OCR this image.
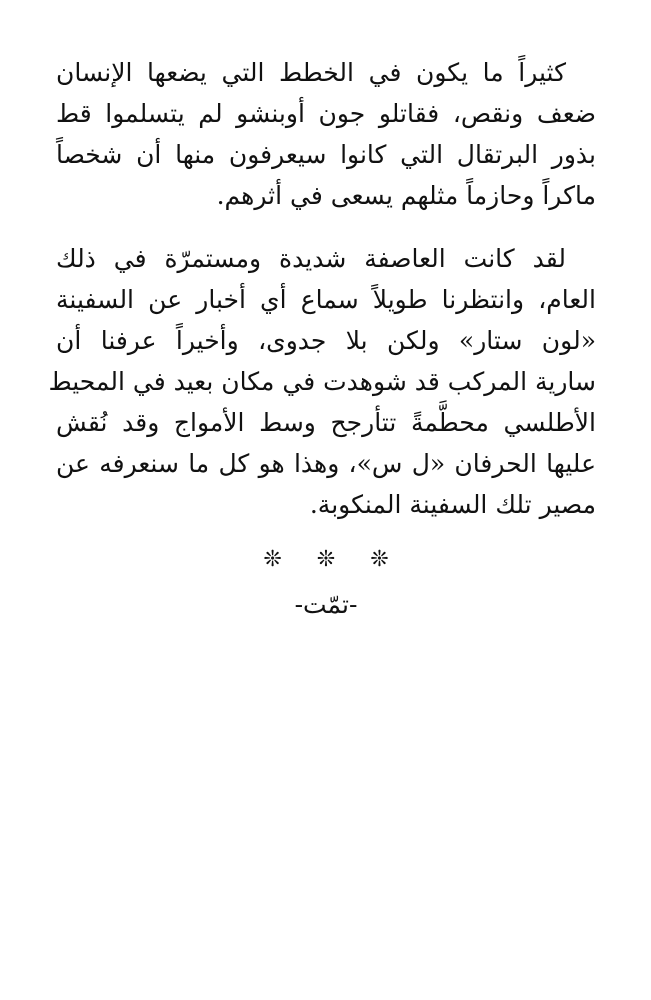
كثيراً ما يكون في الخطط التي يضعها الإنسان
ضعف ونقص، فقاتلو جون أوبنشو لم يتسلموا قط
بذور البرتقال التي كانوا سيعرفون منها أن شخصاً
ماكراً وحازماً مثلهم يسعى في أثرهم.

لقد كانت العاصفة شديدة ومستمرّة في ذلك
العام، وانتظرنا طويلاً سماع أي أخبار عن السفينة
«لون ستار» ولكن بلا جدوى، وأخيراً عرفنا أن
سارية المركب قد شوهدت في مكان بعيد في المحيط
الأطلسي محطَّمةً تتأرجح وسط الأمواج وقد نُقش
عليها الحرفان «ل س»، وهذا هو كل ما سنعرفه عن
مصير تلك السفينة المنكوبة.

❊ ❊ ❊
-تمّت-
